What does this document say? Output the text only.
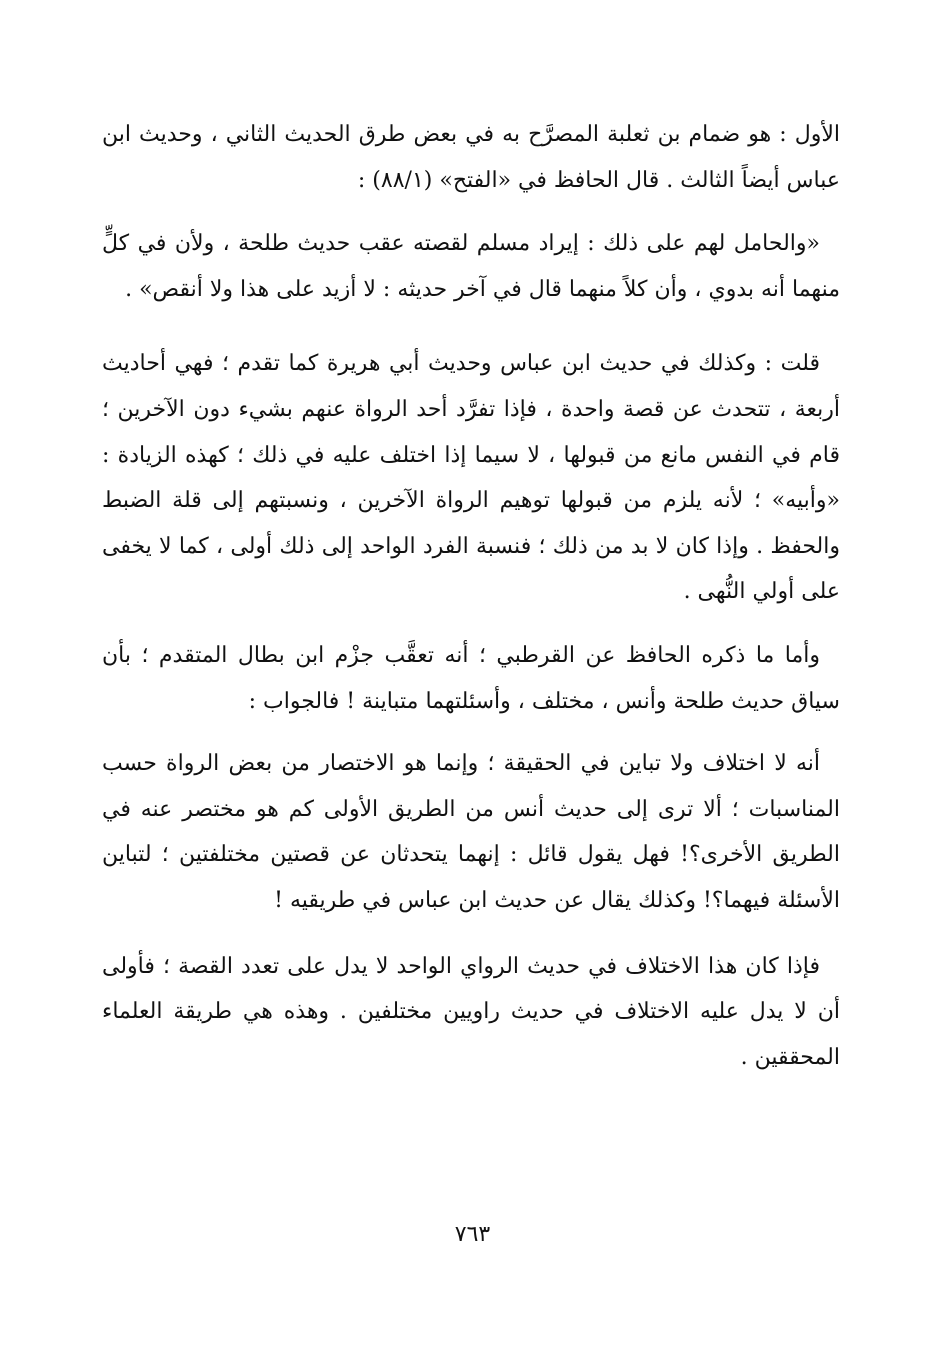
الأول : هو ضمام بن ثعلبة المصرَّح به في بعض طرق الحديث الثاني ، وحديث ابن عباس أيضاً الثالث . قال الحافظ في «الفتح» (٨٨/١) :

«والحامل لهم على ذلك : إيراد مسلم لقصته عقب حديث طلحة ، ولأن في كلٍّ منهما أنه بدوي ، وأن كلاً منهما قال في آخر حديثه : لا أزيد على هذا ولا أنقص» .

قلت : وكذلك في حديث ابن عباس وحديث أبي هريرة كما تقدم ؛ فهي أحاديث أربعة ، تتحدث عن قصة واحدة ، فإذا تفرَّد أحد الرواة عنهم بشيء دون الآخرين ؛ قام في النفس مانع من قبولها ، لا سيما إذا اختلف عليه في ذلك ؛ كهذه الزيادة : «وأبيه» ؛ لأنه يلزم من قبولها توهيم الرواة الآخرين ، ونسبتهم إلى قلة الضبط والحفظ . وإذا كان لا بد من ذلك ؛ فنسبة الفرد الواحد إلى ذلك أولى ، كما لا يخفى على أولي النُّهى .

وأما ما ذكره الحافظ عن القرطبي ؛ أنه تعقَّب جزْم ابن بطال المتقدم ؛ بأن سياق حديث طلحة وأنس ، مختلف ، وأسئلتهما متباينة ! فالجواب :

أنه لا اختلاف ولا تباين في الحقيقة ؛ وإنما هو الاختصار من بعض الرواة حسب المناسبات ؛ ألا ترى إلى حديث أنس من الطريق الأولى كم هو مختصر عنه في الطريق الأخرى؟! فهل يقول قائل : إنهما يتحدثان عن قصتين مختلفتين ؛ لتباين الأسئلة فيهما؟! وكذلك يقال عن حديث ابن عباس في طريقيه !

فإذا كان هذا الاختلاف في حديث الرواي الواحد لا يدل على تعدد القصة ؛ فأولى أن لا يدل عليه الاختلاف في حديث راويين مختلفين . وهذه هي طريقة العلماء المحققين .

٧٦٣
